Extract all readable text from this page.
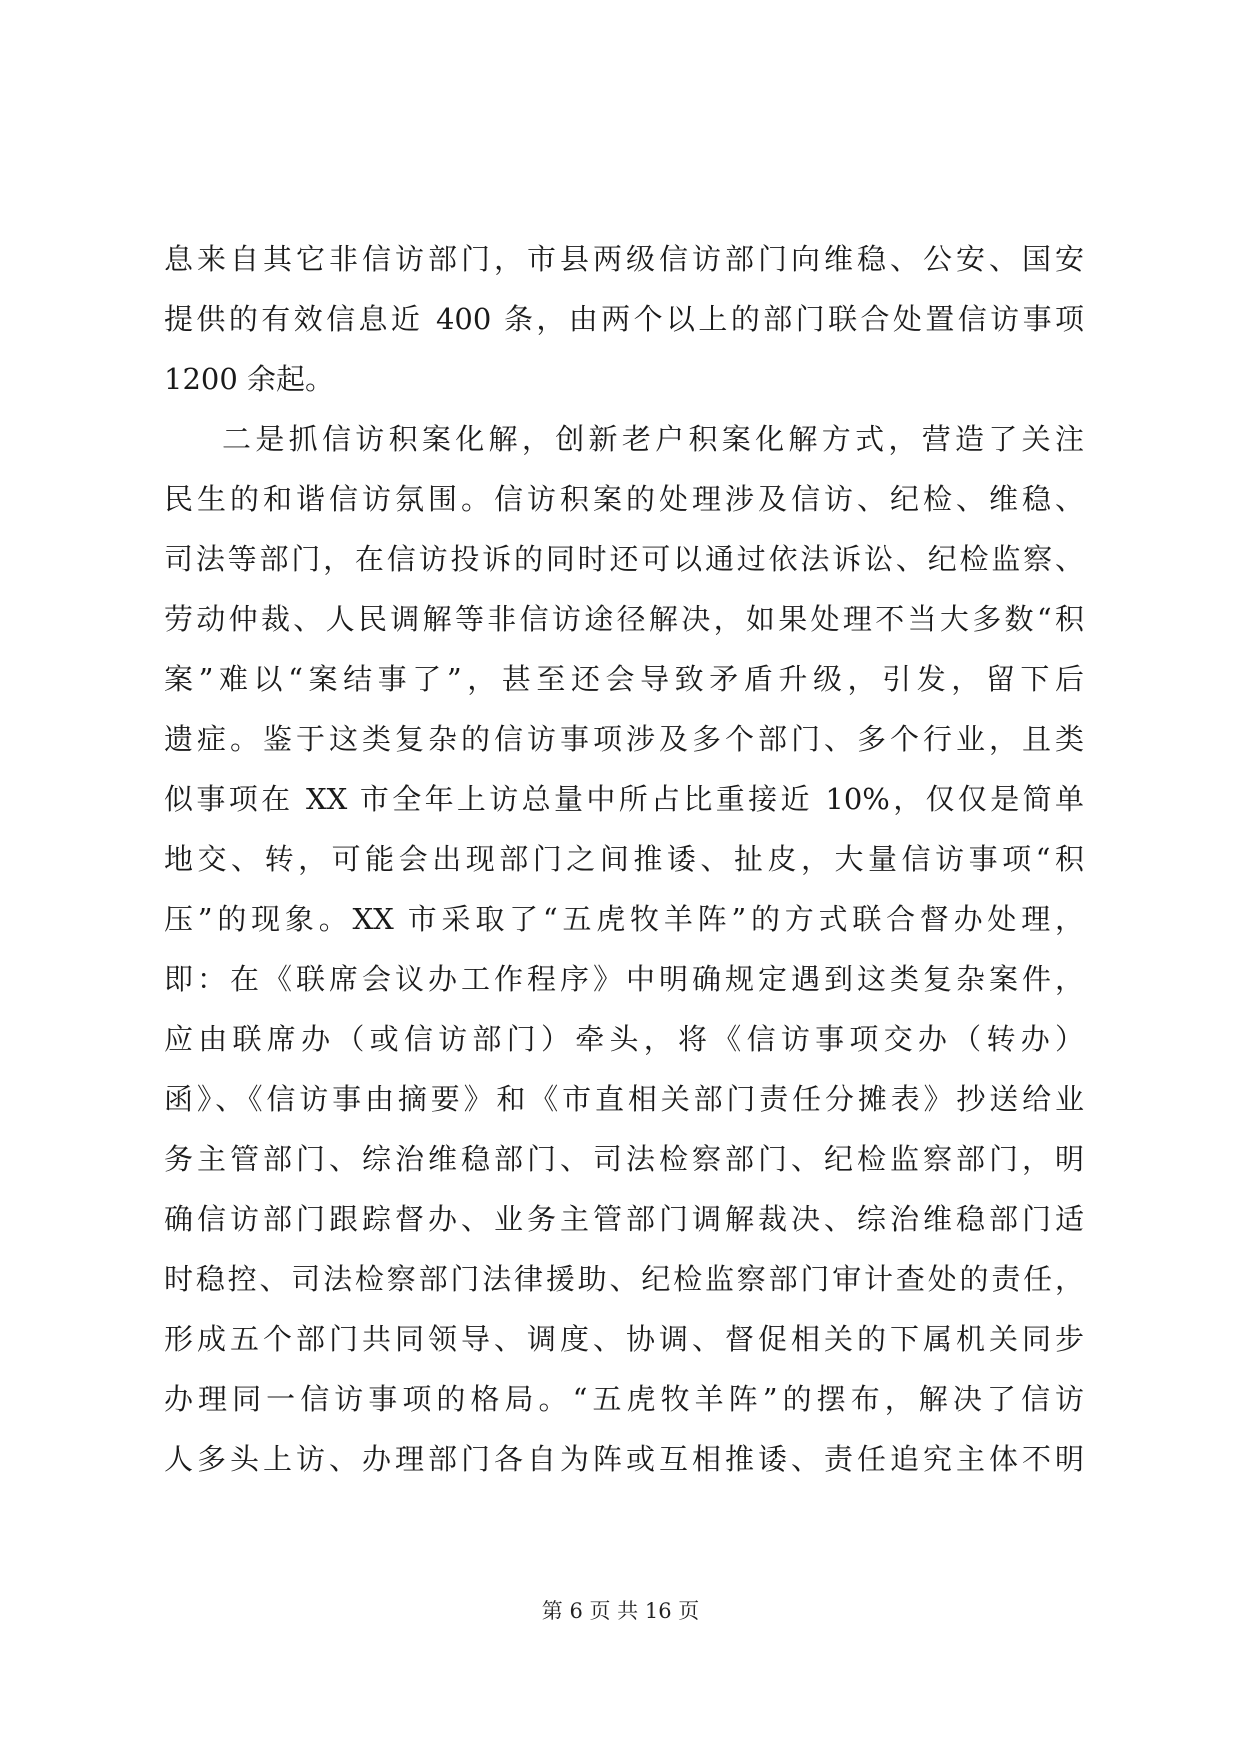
息来自其它非信访部门，市县两级信访部门向维稳、公安、国安
提供的有效信息近 400 条，由两个以上的部门联合处置信访事项
1200 余起。
二是抓信访积案化解，创新老户积案化解方式，营造了关注
民生的和谐信访氛围。信访积案的处理涉及信访、纪检、维稳、
司法等部门，在信访投诉的同时还可以通过依法诉讼、纪检监察、
劳动仲裁、人民调解等非信访途径解决，如果处理不当大多数“积
案”难以“案结事了”，甚至还会导致矛盾升级，引发，留下后
遗症。鉴于这类复杂的信访事项涉及多个部门、多个行业，且类
似事项在 XX 市全年上访总量中所占比重接近 10%，仅仅是简单
地交、转，可能会出现部门之间推诿、扯皮，大量信访事项“积
压”的现象。XX 市采取了“五虎牧羊阵”的方式联合督办处理，
即：在《联席会议办工作程序》中明确规定遇到这类复杂案件，
应由联席办（或信访部门）牵头，将《信访事项交办（转办）
函》、《信访事由摘要》和《市直相关部门责任分摊表》抄送给业
务主管部门、综治维稳部门、司法检察部门、纪检监察部门，明
确信访部门跟踪督办、业务主管部门调解裁决、综治维稳部门适
时稳控、司法检察部门法律援助、纪检监察部门审计查处的责任，
形成五个部门共同领导、调度、协调、督促相关的下属机关同步
办理同一信访事项的格局。“五虎牧羊阵”的摆布，解决了信访
人多头上访、办理部门各自为阵或互相推诿、责任追究主体不明
第 6 页 共 16 页
